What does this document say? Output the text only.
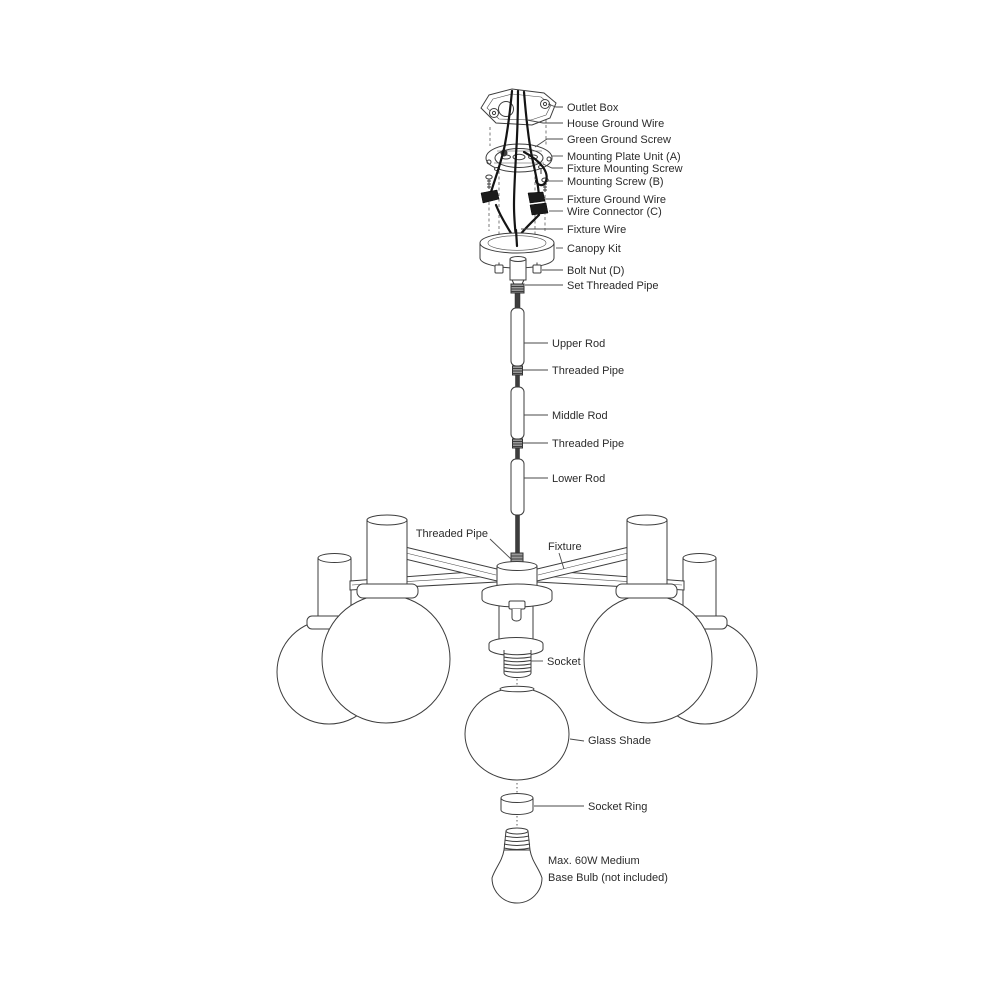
Outlet Box
House Ground Wire
Green Ground Screw
Mounting Plate Unit (A)
Fixture Mounting Screw
Mounting Screw (B)
Fixture Ground Wire
Wire Connector (C)
Fixture Wire
Canopy Kit
Bolt Nut (D)
Set Threaded Pipe
Upper Rod
Threaded Pipe
Middle Rod
Threaded Pipe
Lower Rod
Threaded Pipe
Fixture
Socket
Glass Shade
Socket Ring
Max. 60W Medium
Base Bulb (not included)
